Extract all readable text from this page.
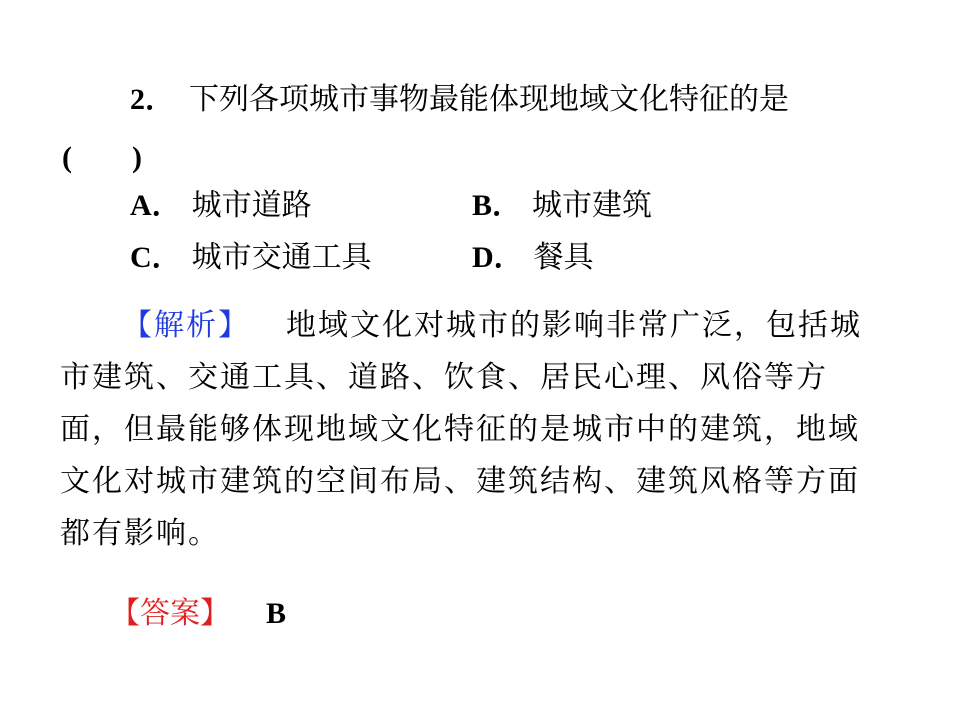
2． 下列各项城市事物最能体现地域文化特征的是
(　　)
A． 城市道路	B． 城市建筑
C． 城市交通工具	D． 餐具
【解析】 地域文化对城市的影响非常广泛，包括城
市建筑、交通工具、道路、饮食、居民心理、风俗等方
面，但最能够体现地域文化特征的是城市中的建筑，地域
文化对城市建筑的空间布局、建筑结构、建筑风格等方面
都有影响。
【答案】 B
